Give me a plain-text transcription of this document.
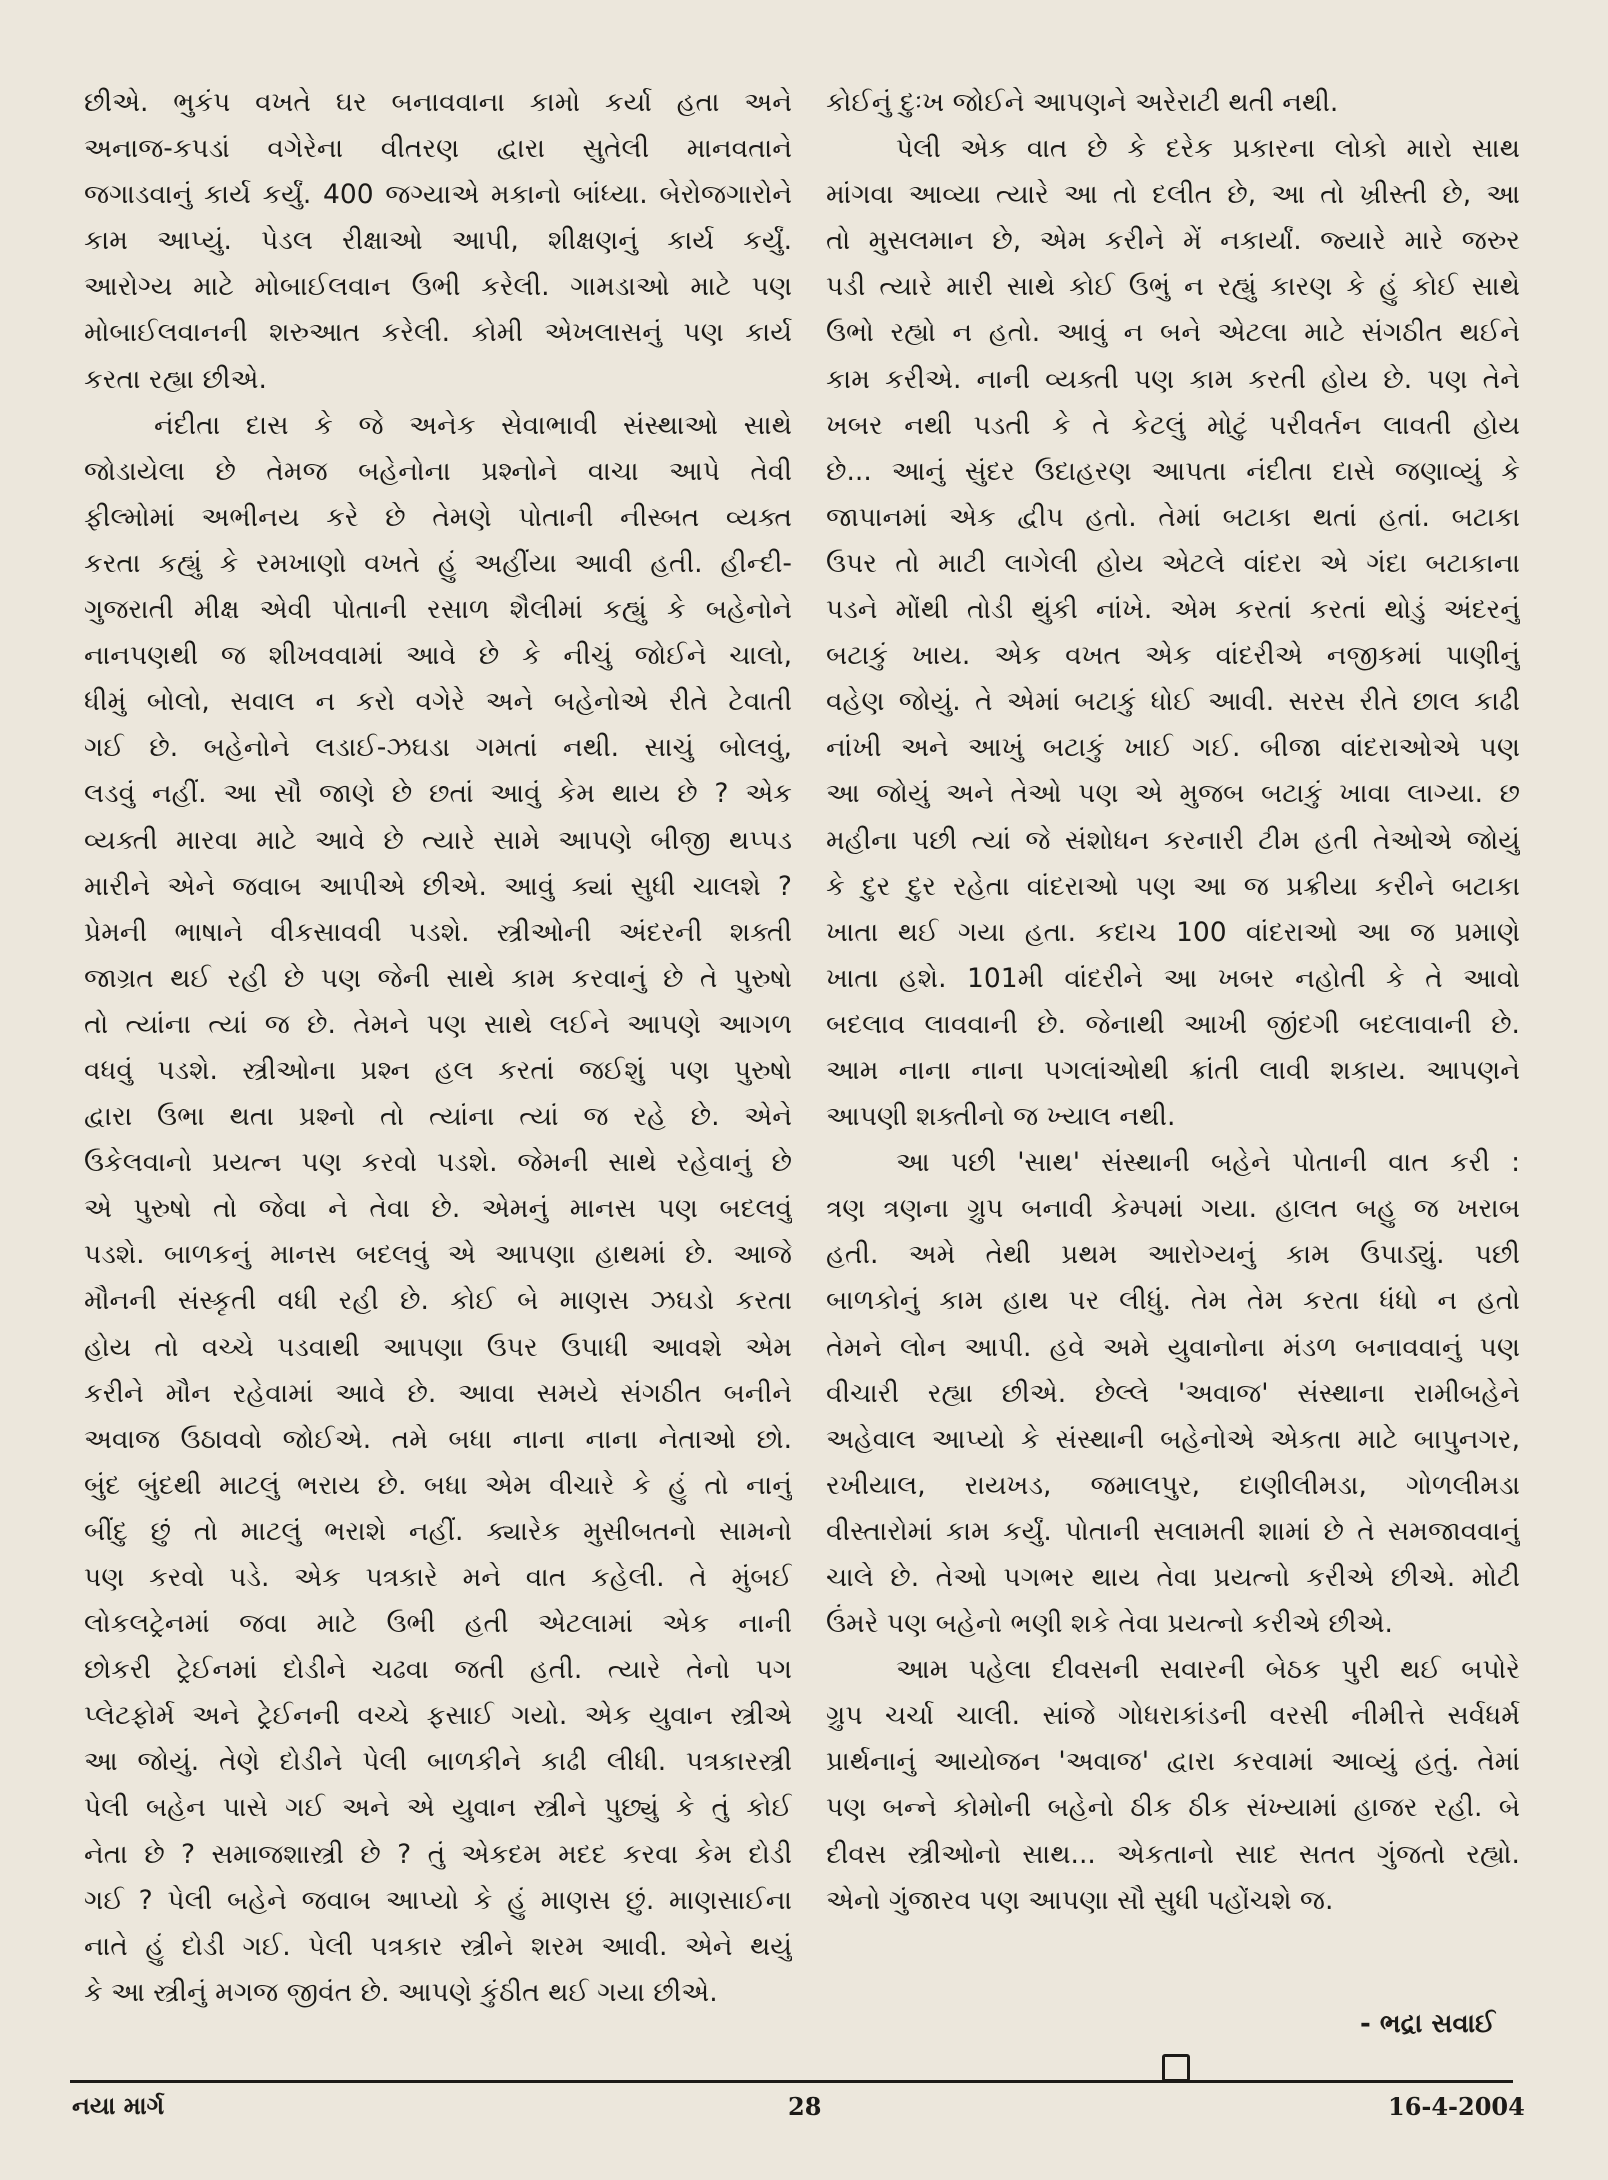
છીએ. ભુકંપ વખતે ઘર બનાવવાના કામો કર્યા હતા અને
અનાજ-કપડાં વગેરેના વીતરણ દ્વારા સુતેલી માનવતાને
જગાડવાનું કાર્ય કર્યું. 400 જગ્યાએ મકાનો બાંધ્યા. બેરોજગારોને
કામ આપ્યું. પેડલ રીક્ષાઓ આપી, શીક્ષણનું કાર્ય કર્યું.
આરોગ્ય માટે મોબાઈલવાન ઉભી કરેલી. ગામડાઓ માટે પણ
મોબાઈલવાનની શરુઆત કરેલી. કોમી એખલાસનું પણ કાર્ય
કરતા રહ્યા છીએ.
નંદીતા દાસ કે જે અનેક સેવાભાવી સંસ્થાઓ સાથે
જોડાયેલા છે તેમજ બહેનોના પ્રશ્નોને વાચા આપે તેવી
ફીલ્મોમાં અભીનય કરે છે તેમણે પોતાની નીસ્બત વ્યક્ત
કરતા કહ્યું કે રમખાણો વખતે હું અહીંયા આવી હતી. હીન્દી-
ગુજરાતી મીક્ષ એવી પોતાની રસાળ શૈલીમાં કહ્યું કે બહેનોને
નાનપણથી જ શીખવવામાં આવે છે કે નીચું જોઈને ચાલો,
ધીમું બોલો, સવાલ ન કરો વગેરે અને બહેનોએ રીતે ટેવાતી
ગઈ છે. બહેનોને લડાઈ-ઝઘડા ગમતાં નથી. સાચું બોલવું,
લડવું નહીં. આ સૌ જાણે છે છતાં આવું કેમ થાય છે ? એક
વ્યક્તી મારવા માટે આવે છે ત્યારે સામે આપણે બીજી થપ્પડ
મારીને એને જવાબ આપીએ છીએ. આવું ક્યાં સુધી ચાલશે ?
પ્રેમની ભાષાને વીકસાવવી પડશે. સ્ત્રીઓની અંદરની શક્તી
જાગ્રત થઈ રહી છે પણ જેની સાથે કામ કરવાનું છે તે પુરુષો
તો ત્યાંના ત્યાં જ છે. તેમને પણ સાથે લઈને આપણે આગળ
વધવું પડશે. સ્ત્રીઓના પ્રશ્ન હલ કરતાં જઈશું પણ પુરુષો
દ્વારા ઉભા થતા પ્રશ્નો તો ત્યાંના ત્યાં જ રહે છે. એને
ઉકેલવાનો પ્રયત્ન પણ કરવો પડશે. જેમની સાથે રહેવાનું છે
એ પુરુષો તો જેવા ને તેવા છે. એમનું માનસ પણ બદલવું
પડશે. બાળકનું માનસ બદલવું એ આપણા હાથમાં છે. આજે
મૌનની સંસ્કૃતી વધી રહી છે. કોઈ બે માણસ ઝઘડો કરતા
હોય તો વચ્ચે પડવાથી આપણા ઉપર ઉપાધી આવશે એમ
કરીને મૌન રહેવામાં આવે છે. આવા સમયે સંગઠીત બનીને
અવાજ ઉઠાવવો જોઈએ. તમે બધા નાના નાના નેતાઓ છો.
બુંદ બુંદથી માટલું ભરાય છે. બધા એમ વીચારે કે હું તો નાનું
બીંદુ છું તો માટલું ભરાશે નહીં. ક્યારેક મુસીબતનો સામનો
પણ કરવો પડે. એક પત્રકારે મને વાત કહેલી. તે મુંબઈ
લોકલટ્રેનમાં જવા માટે ઉભી હતી એટલામાં એક નાની
છોકરી ટ્રેઈનમાં દોડીને ચઢવા જતી હતી. ત્યારે તેનો પગ
પ્લેટફોર્મ અને ટ્રેઈનની વચ્ચે ફસાઈ ગયો. એક યુવાન સ્ત્રીએ
આ જોયું. તેણે દોડીને પેલી બાળકીને કાઢી લીધી. પત્રકારસ્ત્રી
પેલી બહેન પાસે ગઈ અને એ યુવાન સ્ત્રીને પુછ્યું કે તું કોઈ
નેતા છે ? સમાજશાસ્ત્રી છે ? તું એકદમ મદદ કરવા કેમ દોડી
ગઈ ? પેલી બહેને જવાબ આપ્યો કે હું માણસ છું. માણસાઈના
નાતે હું દોડી ગઈ. પેલી પત્રકાર સ્ત્રીને શરમ આવી. એને થયું
કે આ સ્ત્રીનું મગજ જીવંત છે. આપણે કુંઠીત થઈ ગયા છીએ.
કોઈનું દુઃખ જોઈને આપણને અરેરાટી થતી નથી.
પેલી એક વાત છે કે દરેક પ્રકારના લોકો મારો સાથ
માંગવા આવ્યા ત્યારે આ તો દલીત છે, આ તો ખ્રીસ્તી છે, આ
તો મુસલમાન છે, એમ કરીને મેં નકાર્યાં. જ્યારે મારે જરુર
પડી ત્યારે મારી સાથે કોઈ ઉભું ન રહ્યું કારણ કે હું કોઈ સાથે
ઉભો રહ્યો ન હતો. આવું ન બને એટલા માટે સંગઠીત થઈને
કામ કરીએ. નાની વ્યક્તી પણ કામ કરતી હોય છે. પણ તેને
ખબર નથી પડતી કે તે કેટલું મોટું પરીવર્તન લાવતી હોય
છે... આનું સુંદર ઉદાહરણ આપતા નંદીતા દાસે જણાવ્યું કે
જાપાનમાં એક દ્વીપ હતો. તેમાં બટાકા થતાં હતાં. બટાકા
ઉપર તો માટી લાગેલી હોય એટલે વાંદરા એ ગંદા બટાકાના
પડને મોંથી તોડી થુંકી નાંખે. એમ કરતાં કરતાં થોડું અંદરનું
બટાકું ખાય. એક વખત એક વાંદરીએ નજીકમાં પાણીનું
વહેણ જોયું. તે એમાં બટાકું ધોઈ આવી. સરસ રીતે છાલ કાઢી
નાંખી અને આખું બટાકું ખાઈ ગઈ. બીજા વાંદરાઓએ પણ
આ જોયું અને તેઓ પણ એ મુજબ બટાકું ખાવા લાગ્યા. છ
મહીના પછી ત્યાં જે સંશોધન કરનારી ટીમ હતી તેઓએ જોયું
કે દુર દુર રહેતા વાંદરાઓ પણ આ જ પ્રક્રીયા કરીને બટાકા
ખાતા થઈ ગયા હતા. કદાચ 100 વાંદરાઓ આ જ પ્રમાણે
ખાતા હશે. 101મી વાંદરીને આ ખબર નહોતી કે તે આવો
બદલાવ લાવવાની છે. જેનાથી આખી જીંદગી બદલાવાની છે.
આમ નાના નાના પગલાંઓથી ક્રાંતી લાવી શકાય. આપણને
આપણી શક્તીનો જ ખ્યાલ નથી.
આ પછી 'સાથ' સંસ્થાની બહેને પોતાની વાત કરી :
ત્રણ ત્રણના ગ્રુપ બનાવી કેમ્પમાં ગયા. હાલત બહુ જ ખરાબ
હતી. અમે તેથી પ્રથમ આરોગ્યનું કામ ઉપાડ્યું. પછી
બાળકોનું કામ હાથ પર લીધું. તેમ તેમ કરતા ધંધો ન હતો
તેમને લોન આપી. હવે અમે યુવાનોના મંડળ બનાવવાનું પણ
વીચારી રહ્યા છીએ. છેલ્લે 'અવાજ' સંસ્થાના રામીબહેને
અહેવાલ આપ્યો કે સંસ્થાની બહેનોએ એકતા માટે બાપુનગર,
રખીયાલ, રાયખડ, જમાલપુર, દાણીલીમડા, ગોળલીમડા
વીસ્તારોમાં કામ કર્યું. પોતાની સલામતી શામાં છે તે સમજાવવાનું
ચાલે છે. તેઓ પગભર થાય તેવા પ્રયત્નો કરીએ છીએ. મોટી
ઉંમરે પણ બહેનો ભણી શકે તેવા પ્રયત્નો કરીએ છીએ.
આમ પહેલા દીવસની સવારની બેઠક પુરી થઈ બપોરે
ગ્રુપ ચર્ચા ચાલી. સાંજે ગોધરાકાંડની વરસી નીમીત્તે સર્વધર્મ
પ્રાર્થનાનું આયોજન 'અવાજ' દ્વારા કરવામાં આવ્યું હતું. તેમાં
પણ બન્ને કોમોની બહેનો ઠીક ઠીક સંખ્યામાં હાજર રહી. બે
દીવસ સ્ત્રીઓનો સાથ... એકતાનો સાદ સતત ગુંજતો રહ્યો.
એનો ગુંજારવ પણ આપણા સૌ સુધી પહોંચશે જ.
- ભદ્રા સવાઈ
નયા માર્ગ	28	16-4-2004
